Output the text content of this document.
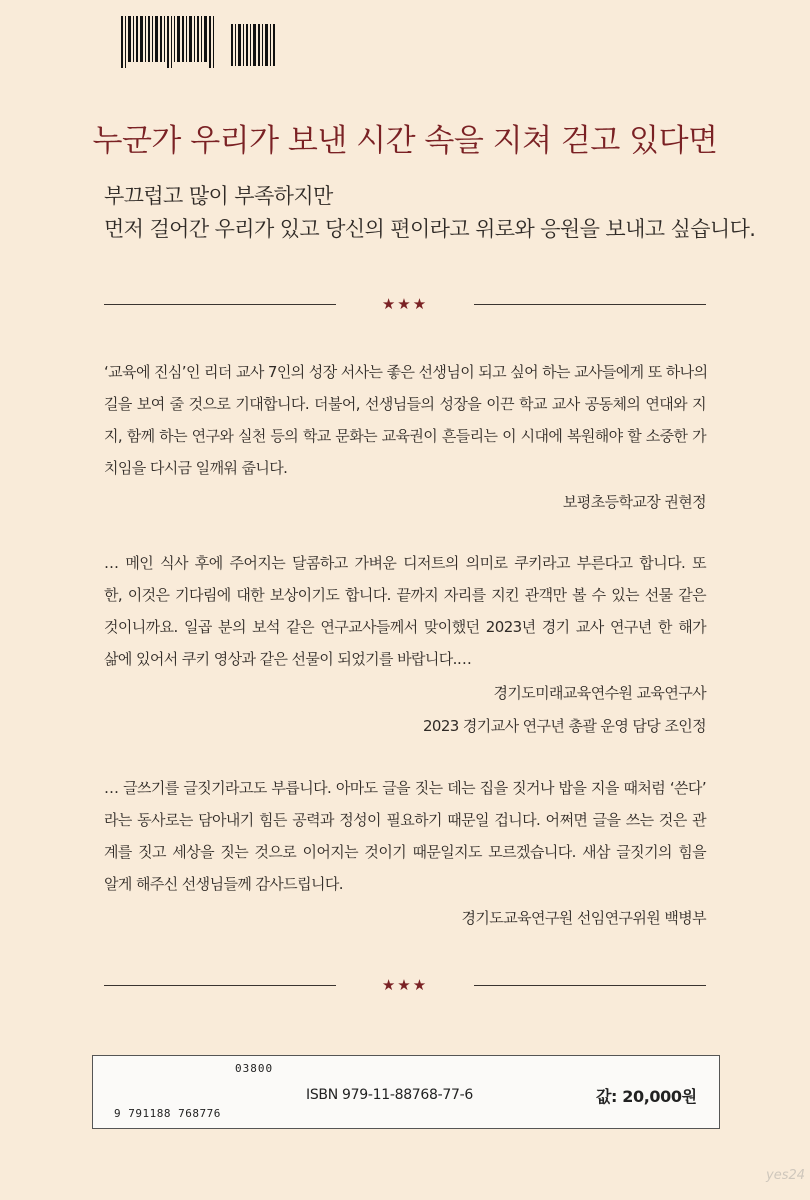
누군가 우리가 보낸 시간 속을 지쳐 걷고 있다면
부끄럽고 많이 부족하지만
먼저 걸어간 우리가 있고 당신의 편이라고 위로와 응원을 보내고 싶습니다.
★★★
‘교육에 진심’인 리더 교사 7인의 성장 서사는 좋은 선생님이 되고 싶어 하는 교사들에게 또 하나의
길을 보여 줄 것으로 기대합니다. 더불어, 선생님들의 성장을 이끈 학교 교사 공동체의 연대와 지
지, 함께 하는 연구와 실천 등의 학교 문화는 교육권이 흔들리는 이 시대에 복원해야 할 소중한 가
치임을 다시금 일깨워 줍니다.
보평초등학교장 권현정
… 메인 식사 후에 주어지는 달콤하고 가벼운 디저트의 의미로 쿠키라고 부른다고 합니다. 또
한, 이것은 기다림에 대한 보상이기도 합니다. 끝까지 자리를 지킨 관객만 볼 수 있는 선물 같은
것이니까요. 일곱 분의 보석 같은 연구교사들께서 맞이했던 2023년 경기 교사 연구년 한 해가
삶에 있어서 쿠키 영상과 같은 선물이 되었기를 바랍니다.…
경기도미래교육연수원 교육연구사
2023 경기교사 연구년 총괄 운영 담당 조인정
… 글쓰기를 글짓기라고도 부릅니다. 아마도 글을 짓는 데는 집을 짓거나 밥을 지을 때처럼 ‘쓴다’
라는 동사로는 담아내기 힘든 공력과 정성이 필요하기 때문일 겁니다. 어쩌면 글을 쓰는 것은 관
계를 짓고 세상을 짓는 것으로 이어지는 것이기 때문일지도 모르겠습니다. 새삼 글짓기의 힘을
알게 해주신 선생님들께 감사드립니다.
경기도교육연구원 선임연구위원 백병부
★★★
03800
9 791188 768776
ISBN 979-11-88768-77-6	값: 20,000원
yes24
